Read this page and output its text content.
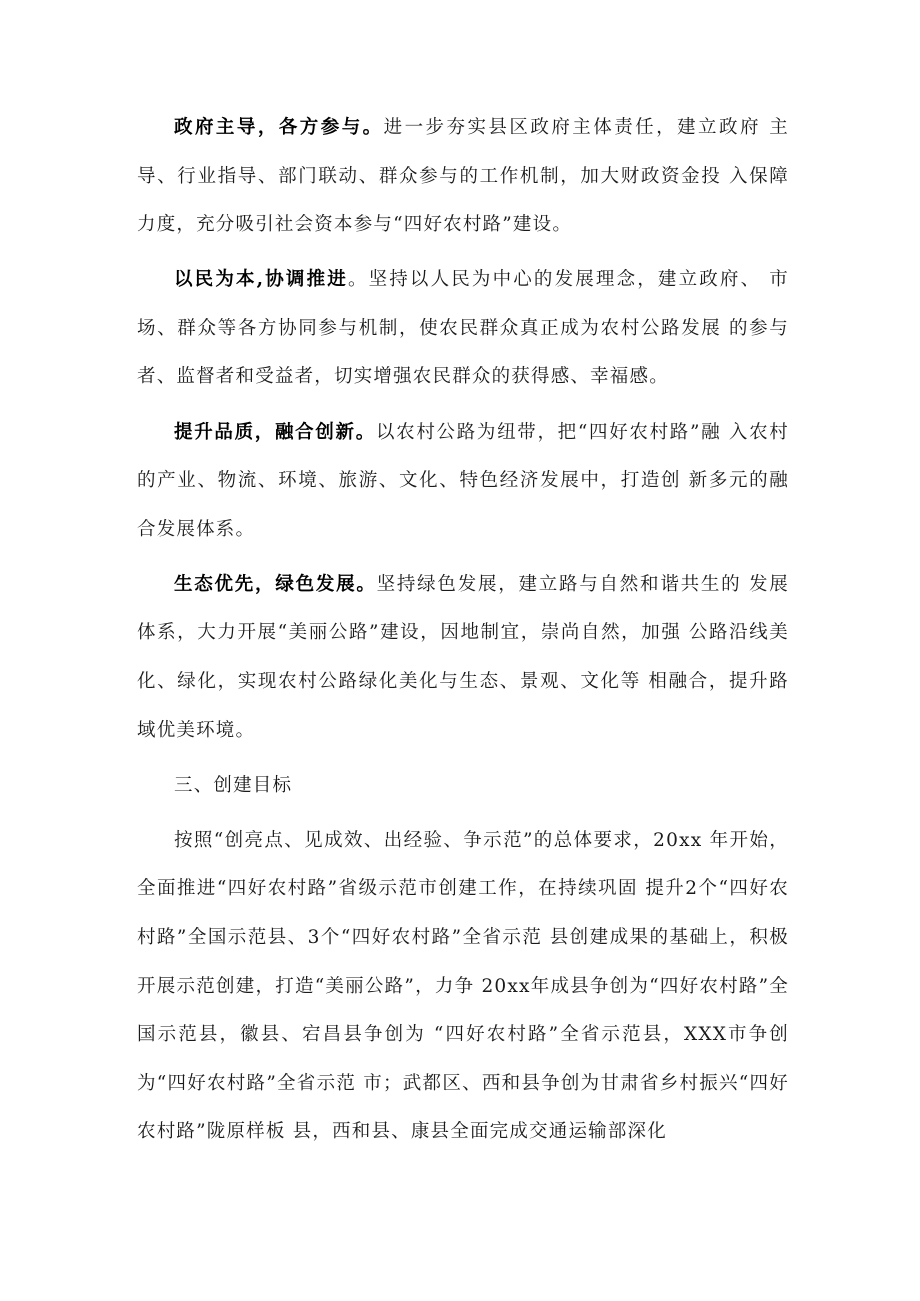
政府主导，各方参与。进一步夯实县区政府主体责任，建立政府 主导、行业指导、部门联动、群众参与的工作机制，加大财政资金投 入保障力度，充分吸引社会资本参与“四好农村路”建设。

以民为本,协调推进。坚持以人民为中心的发展理念，建立政府、 市场、群众等各方协同参与机制，使农民群众真正成为农村公路发展 的参与者、监督者和受益者，切实增强农民群众的获得感、幸福感。

提升品质，融合创新。以农村公路为纽带，把“四好农村路”融 入农村的产业、物流、环境、旅游、文化、特色经济发展中，打造创 新多元的融合发展体系。

生态优先，绿色发展。坚持绿色发展，建立路与自然和谐共生的 发展体系，大力开展“美丽公路”建设，因地制宜，崇尚自然，加强 公路沿线美化、绿化，实现农村公路绿化美化与生态、景观、文化等 相融合，提升路域优美环境。

三、创建目标

按照“创亮点、见成效、出经验、争示范”的总体要求，20xx 年开始，全面推进“四好农村路”省级示范市创建工作，在持续巩固 提升2个“四好农村路”全国示范县、3个“四好农村路”全省示范 县创建成果的基础上，积极开展示范创建，打造“美丽公路”，力争 20xx年成县争创为“四好农村路”全国示范县，徽县、宕昌县争创为 “四好农村路”全省示范县，XXX市争创为“四好农村路”全省示范 市；武都区、西和县争创为甘肃省乡村振兴“四好农村路”陇原样板 县，西和县、康县全面完成交通运输部深化
